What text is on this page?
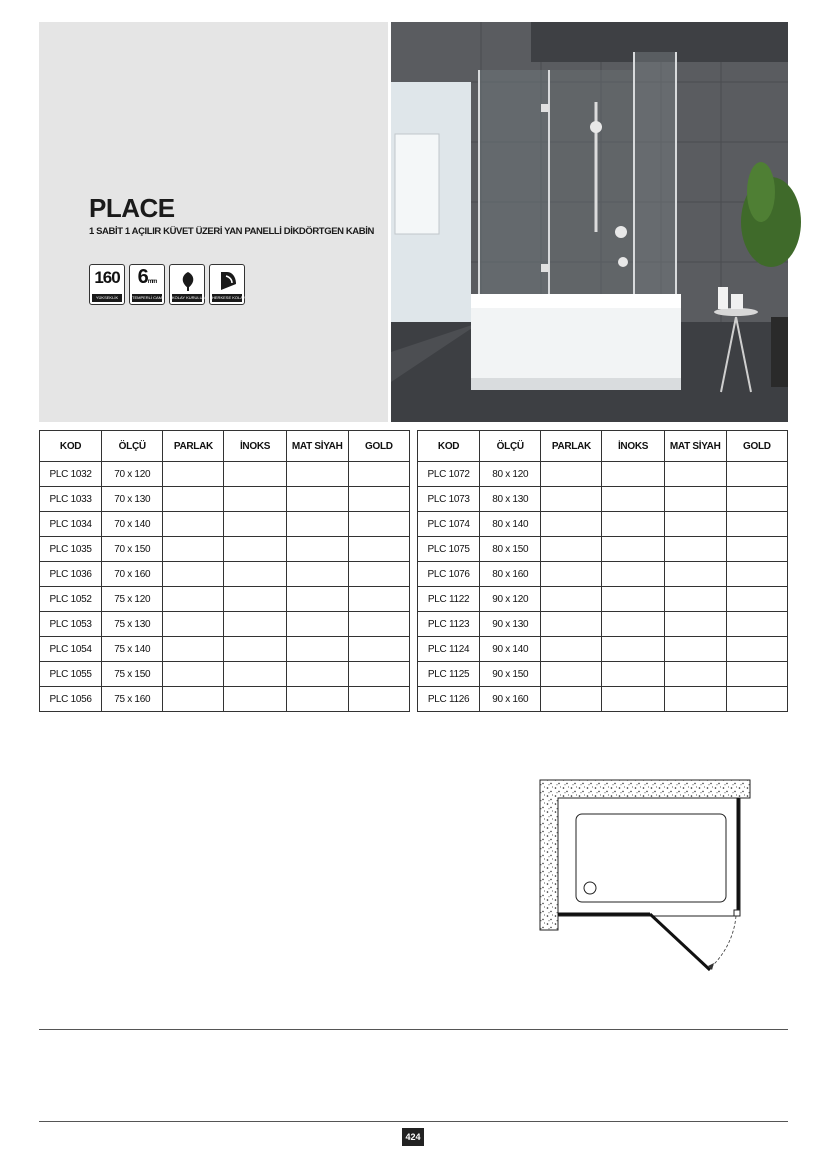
PLACE
1 SABİT 1 AÇILIR KÜVET ÜZERİ YAN PANELLİ DİKDÖRTGEN KABİN
160
YÜKSEKLİK
6mm
TEMPERLİ CAM KOLAY KURULUM HERKESE KOLAY
KOD	ÖLÇÜ	PARLAK	İNOKS	MAT SİYAH	GOLD
PLC 1032	70 x 120				
PLC 1033	70 x 130				
PLC 1034	70 x 140				
PLC 1035	70 x 150				
PLC 1036	70 x 160				
PLC 1052	75 x 120				
PLC 1053	75 x 130				
PLC 1054	75 x 140				
PLC 1055	75 x 150				
PLC 1056	75 x 160				
KOD	ÖLÇÜ	PARLAK	İNOKS	MAT SİYAH	GOLD
PLC 1072	80 x 120				
PLC 1073	80 x 130				
PLC 1074	80 x 140				
PLC 1075	80 x 150				
PLC 1076	80 x 160				
PLC 1122	90 x 120				
PLC 1123	90 x 130				
PLC 1124	90 x 140				
PLC 1125	90 x 150				
PLC 1126	90 x 160				
424
